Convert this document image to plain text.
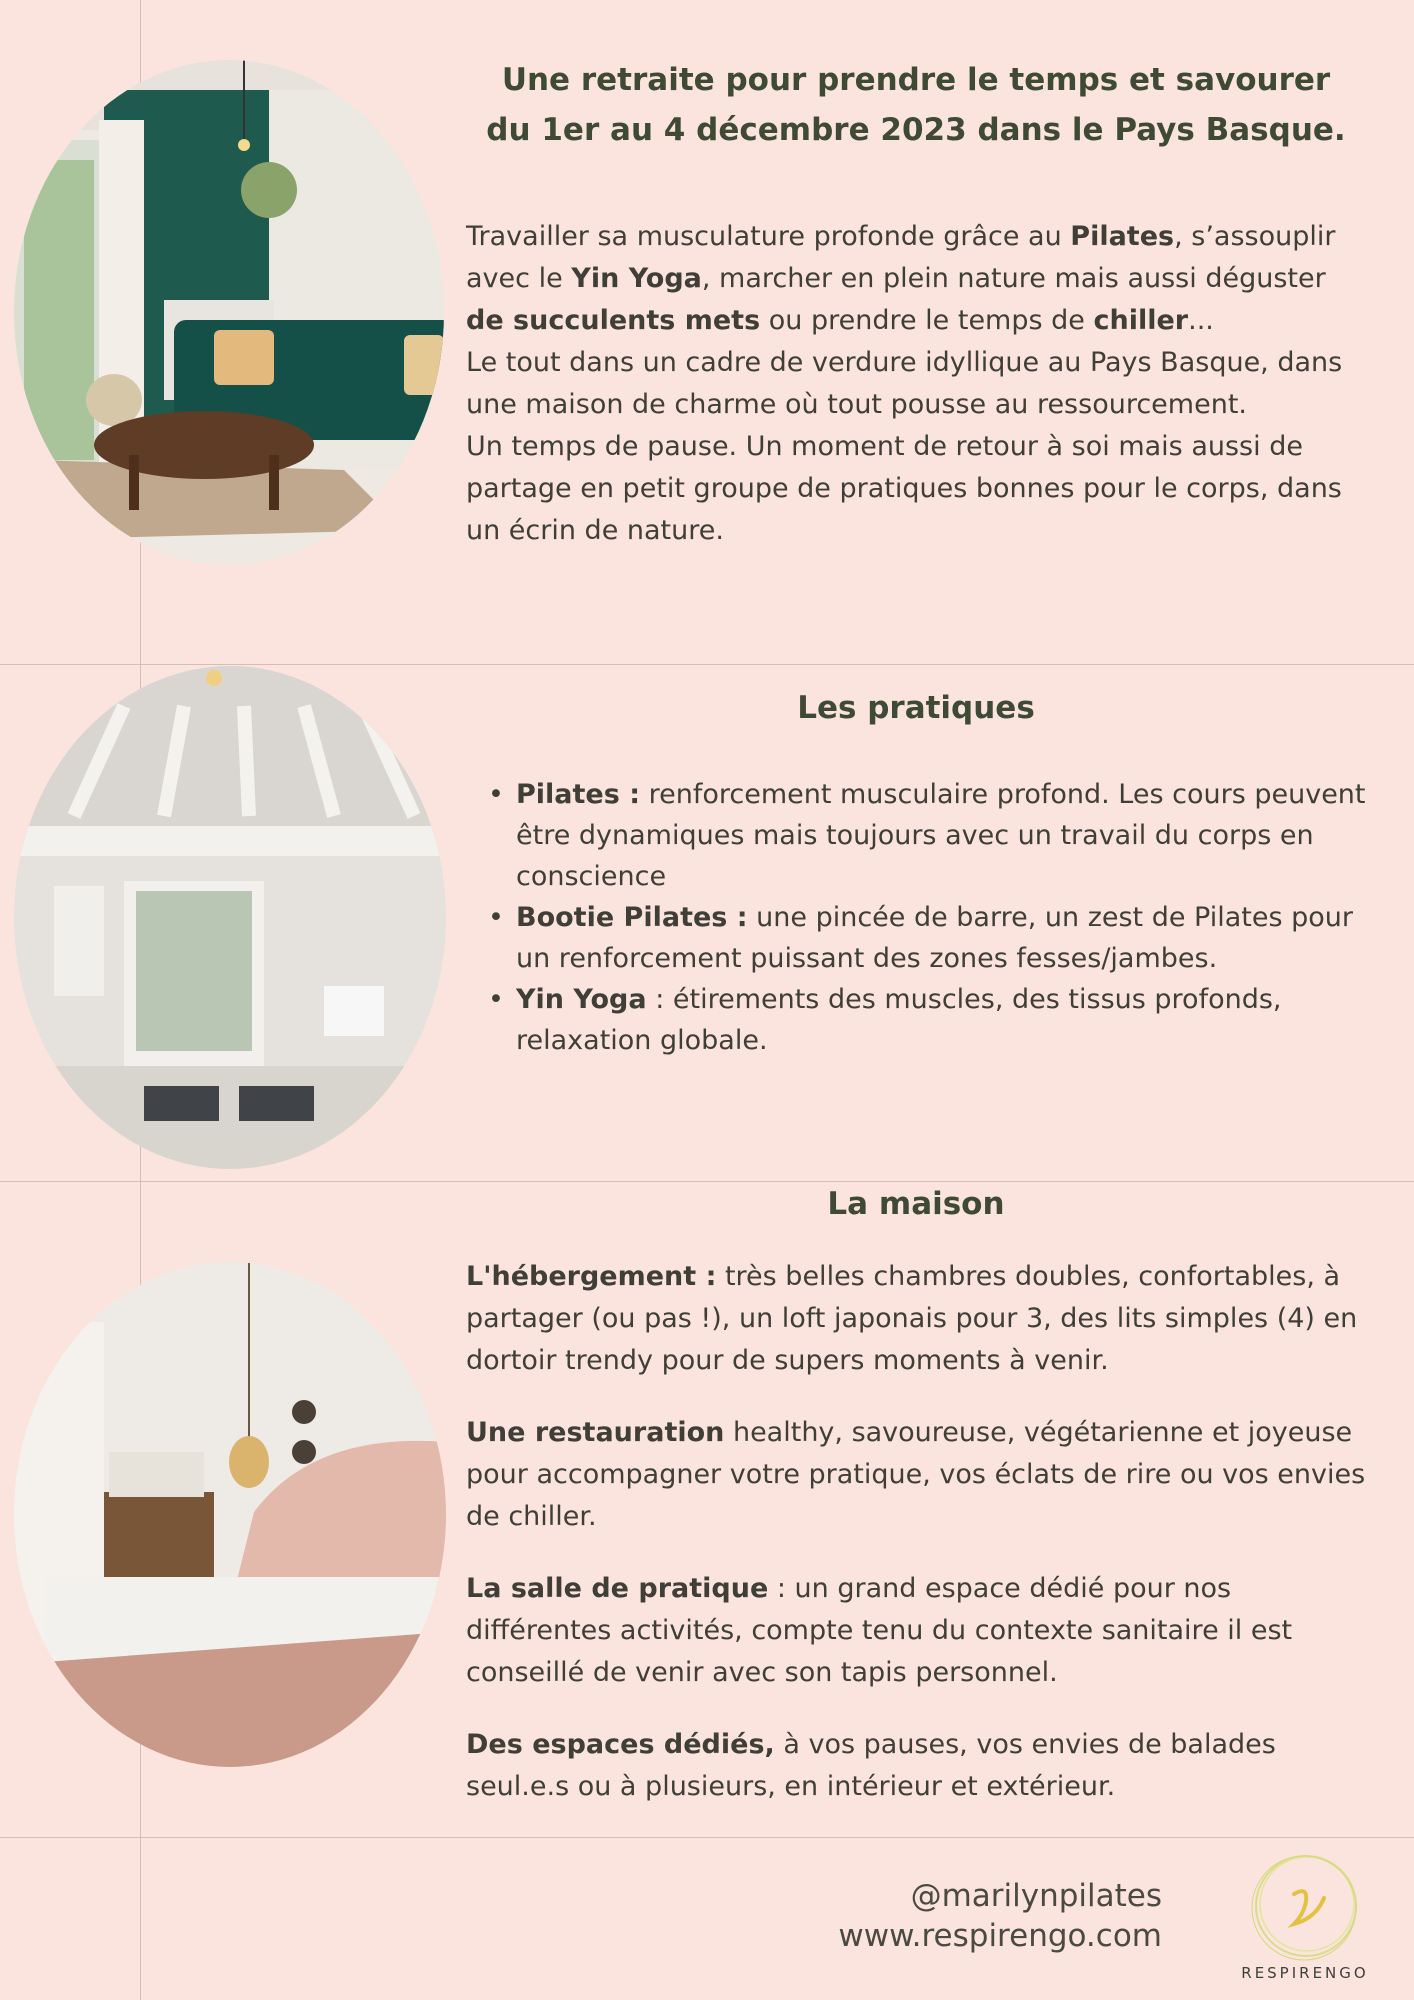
Une retraite pour prendre le temps et savourer
du 1er au 4 décembre 2023 dans le Pays Basque.

Travailler sa musculature profonde grâce au Pilates, s’assouplir avec le Yin Yoga, marcher en plein nature mais aussi déguster de succulents mets ou prendre le temps de chiller...

Le tout dans un cadre de verdure idyllique au Pays Basque, dans une maison de charme où tout pousse au ressourcement.

Un temps de pause. Un moment de retour à soi mais aussi de partage en petit groupe de pratiques bonnes pour le corps, dans un écrin de nature.

Les pratiques
• Pilates : renforcement musculaire profond. Les cours peuvent être dynamiques mais toujours avec un travail du corps en conscience
• Bootie Pilates : une pincée de barre, un zest de Pilates pour un renforcement puissant des zones fesses/jambes.
• Yin Yoga : étirements des muscles, des tissus profonds, relaxation globale.
La maison

L'hébergement : très belles chambres doubles, confortables, à partager (ou pas !), un loft japonais pour 3, des lits simples (4) en dortoir trendy pour de supers moments à venir.

Une restauration healthy, savoureuse, végétarienne et joyeuse pour accompagner votre pratique, vos éclats de rire ou vos envies de chiller.

La salle de pratique : un grand espace dédié pour nos différentes activités, compte tenu du contexte sanitaire il est conseillé de venir avec son tapis personnel.

Des espaces dédiés, à vos pauses, vos envies de balades seul.e.s ou à plusieurs, en intérieur et extérieur.

@marilynpilates
www.respirengo.com
RESPIRENGO
